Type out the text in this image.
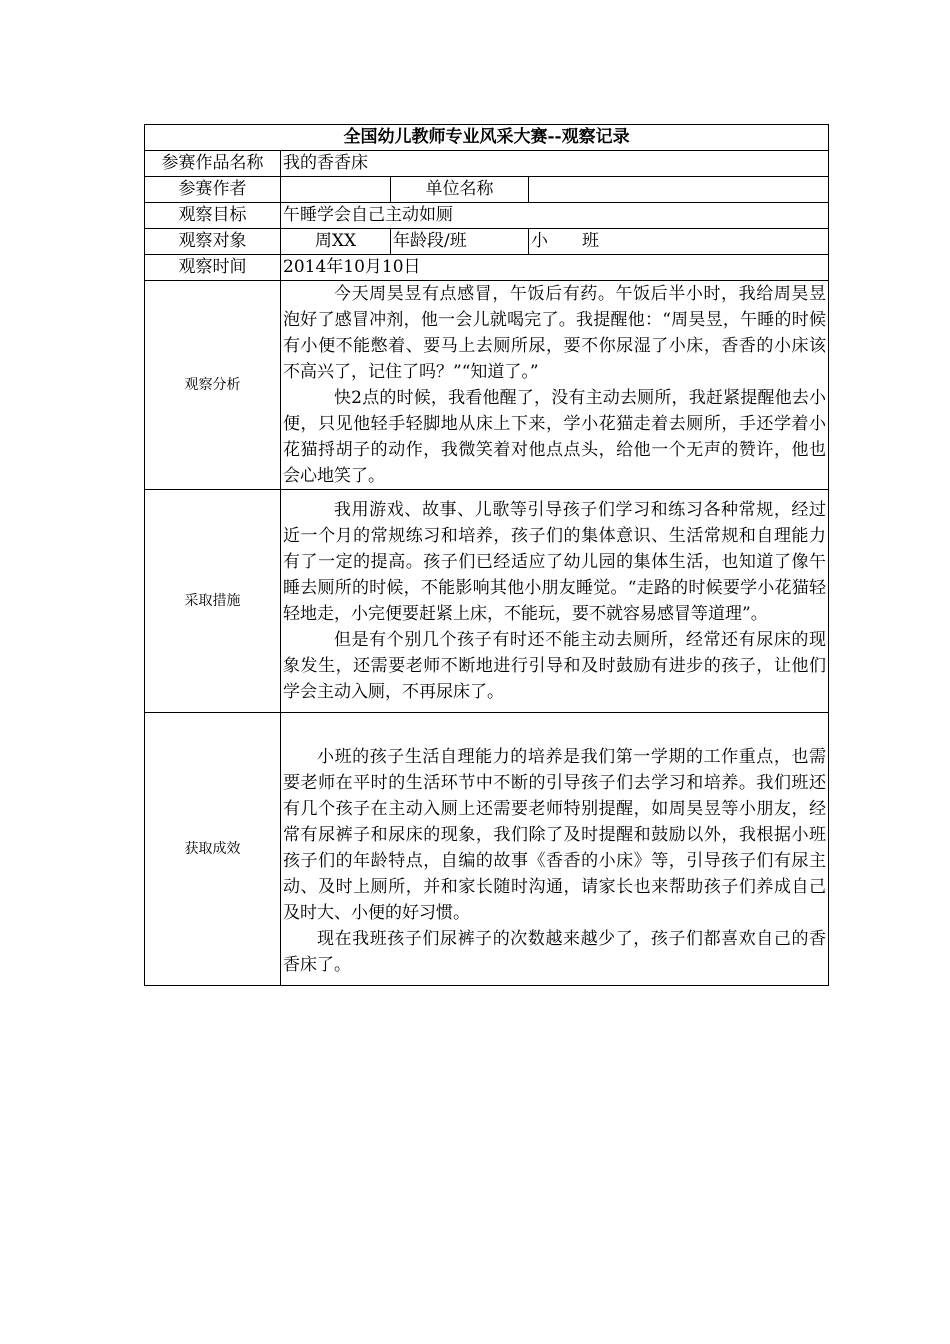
全国幼儿教师专业风采大赛--观察记录			
参赛作品名称	我的香香床		
参赛作者		单位名称	
观察目标	午睡学会自己主动如厕		
观察对象	周XX	年龄段/班	小　　班
观察时间	2014年10月10日		
观察分析	今天周昊昱有点感冒，午饭后有药。午饭后半小时，我给周昊昱泡好了感冒冲剂，他一会儿就喝完了。我提醒他：“周昊昱，午睡的时候有小便不能憋着、要马上去厕所尿，要不你尿湿了小床，香香的小床该不高兴了，记住了吗？”“知道了。”

快2点的时候，我看他醒了，没有主动去厕所，我赶紧提醒他去小便，只见他轻手轻脚地从床上下来，学小花猫走着去厕所，手还学着小花猫捋胡子的动作，我微笑着对他点点头，给他一个无声的赞许，他也会心地笑了。		

采取措施	我用游戏、故事、儿歌等引导孩子们学习和练习各种常规，经过近一个月的常规练习和培养，孩子们的集体意识、生活常规和自理能力有了一定的提高。孩子们已经适应了幼儿园的集体生活，也知道了像午睡去厕所的时候，不能影响其他小朋友睡觉。“走路的时候要学小花猫轻轻地走，小完便要赶紧上床，不能玩，要不就容易感冒等道理”。

但是有个别几个孩子有时还不能主动去厕所，经常还有尿床的现象发生，还需要老师不断地进行引导和及时鼓励有进步的孩子，让他们学会主动入厕，不再尿床了。		

获取成效	小班的孩子生活自理能力的培养是我们第一学期的工作重点，也需要老师在平时的生活环节中不断的引导孩子们去学习和培养。我们班还有几个孩子在主动入厕上还需要老师特别提醒，如周昊昱等小朋友，经常有尿裤子和尿床的现象，我们除了及时提醒和鼓励以外，我根据小班孩子们的年龄特点，自编的故事《香香的小床》等，引导孩子们有尿主动、及时上厕所，并和家长随时沟通，请家长也来帮助孩子们养成自己及时大、小便的好习惯。

现在我班孩子们尿裤子的次数越来越少了，孩子们都喜欢自己的香香床了。		
